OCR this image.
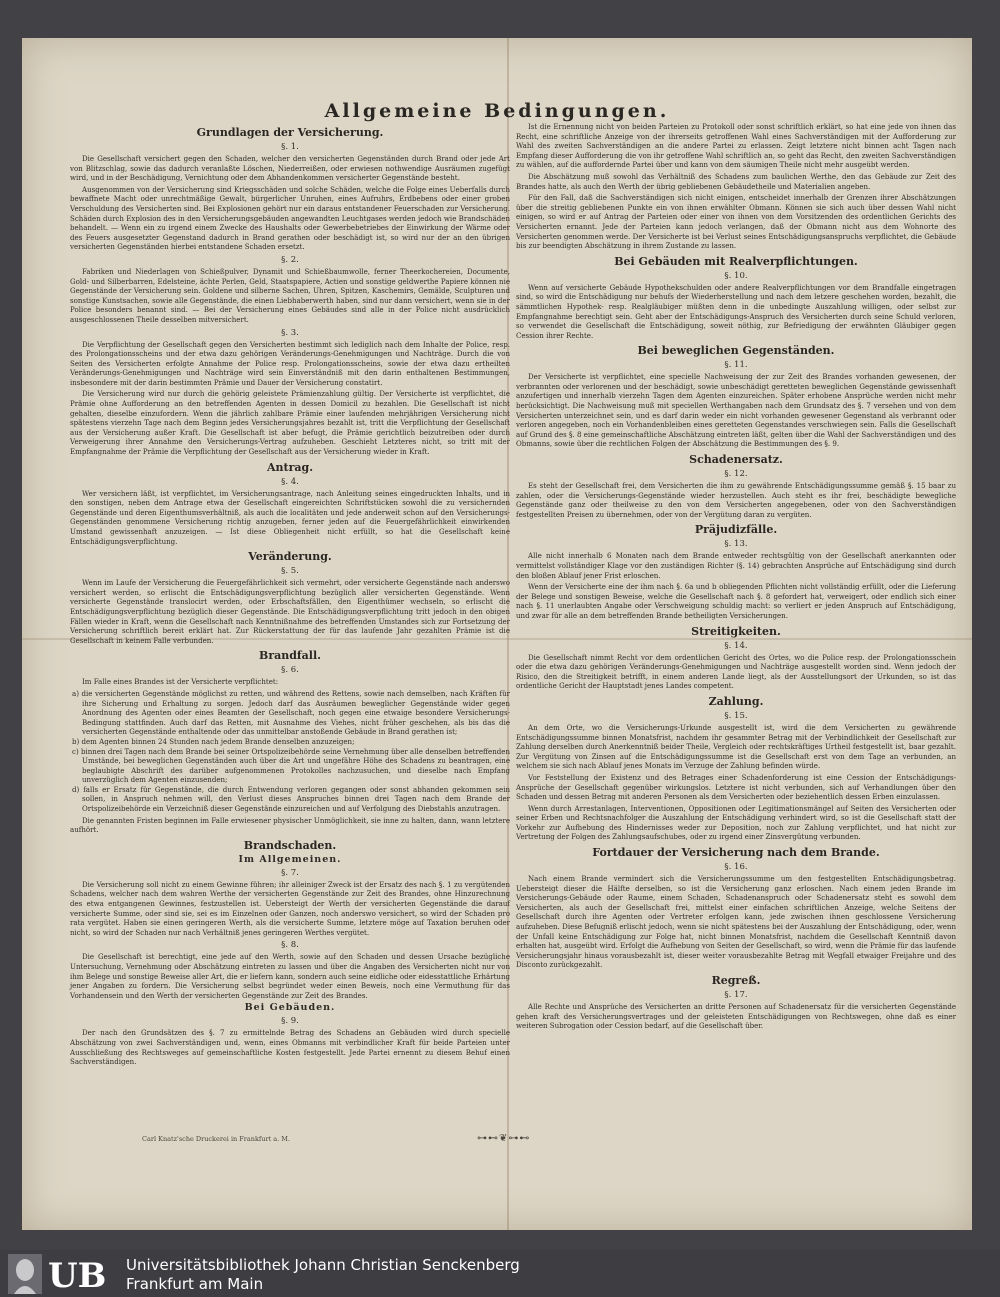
Allgemeine Bedingungen.
Grundlagen der Versicherung.
§. 1.
Die Gesellschaft versichert gegen den Schaden, welcher den versicherten Gegenständen durch Brand oder jede Art von Blitzschlag, sowie das dadurch veranlaßte Löschen, Niederreißen, oder erwiesen nothwendige Ausräumen zugefügt wird, und in der Beschädigung, Vernichtung oder dem Abhandenkommen versicherter Gegenstände besteht.
Ausgenommen von der Versicherung sind Kriegsschäden und solche Schäden, welche die Folge eines Ueberfalls durch bewaffnete Macht oder unrechtmäßige Gewalt, bürgerlicher Unruhen, eines Aufruhrs, Erdbebens oder einer groben Verschuldung des Versicherten sind. Bei Explosionen gehört nur ein daraus entstandener Feuerschaden zur Versicherung. Schäden durch Explosion des in den Versicherungsgebäuden angewandten Leuchtgases werden jedoch wie Brandschäden behandelt. — Wenn ein zu irgend einem Zwecke des Haushalts oder Gewerbebetriebes der Einwirkung der Wärme oder des Feuers ausgesetzter Gegenstand dadurch in Brand gerathen oder beschädigt ist, so wird nur der an den übrigen versicherten Gegenständen hierbei entstandene Schaden ersetzt.
§. 2.
Fabriken und Niederlagen von Schießpulver, Dynamit und Schießbaumwolle, ferner Theerkochereien, Documente, Gold- und Silberbarren, Edelsteine, ächte Perlen, Geld, Staatspapiere, Actien und sonstige geldwerthe Papiere können nie Gegenstände der Versicherung sein. Goldene und silberne Sachen, Uhren, Spitzen, Kaschemirs, Gemälde, Sculpturen und sonstige Kunstsachen, sowie alle Gegenstände, die einen Liebhaberwerth haben, sind nur dann versichert, wenn sie in der Police besonders benannt sind. — Bei der Versicherung eines Gebäudes sind alle in der Police nicht ausdrücklich ausgeschlossenen Theile desselben mitversichert.
§. 3.
Die Verpflichtung der Gesellschaft gegen den Versicherten bestimmt sich lediglich nach dem Inhalte der Police, resp. des Prolongationsscheins und der etwa dazu gehörigen Veränderungs-Genehmigungen und Nachträge. Durch die von Seiten des Versicherten erfolgte Annahme der Police resp. Prolongationsscheins, sowie der etwa dazu ertheilten Veränderungs-Genehmigungen und Nachträge wird sein Einverständniß mit den darin enthaltenen Bestimmungen, insbesondere mit der darin bestimmten Prämie und Dauer der Versicherung constatirt.
Die Versicherung wird nur durch die gehörig geleistete Prämienzahlung gültig. Der Versicherte ist verpflichtet, die Prämie ohne Aufforderung an den betreffenden Agenten in dessen Domicil zu bezahlen. Die Gesellschaft ist nicht gehalten, dieselbe einzufordern. Wenn die jährlich zahlbare Prämie einer laufenden mehrjährigen Versicherung nicht spätestens vierzehn Tage nach dem Beginn jedes Versicherungsjahres bezahlt ist, tritt die Verpflichtung der Gesellschaft aus der Versicherung außer Kraft. Die Gesellschaft ist aber befugt, die Prämie gerichtlich beizutreiben oder durch Verweigerung ihrer Annahme den Versicherungs-Vertrag aufzuheben. Geschieht Letzteres nicht, so tritt mit der Empfangnahme der Prämie die Verpflichtung der Gesellschaft aus der Versicherung wieder in Kraft.
Antrag.
§. 4.
Wer versichern läßt, ist verpflichtet, im Versicherungsantrage, nach Anleitung seines eingedruckten Inhalts, und in den sonstigen, neben dem Antrage etwa der Gesellschaft eingereichten Schriftstücken sowohl die zu versichernden Gegenstände und deren Eigenthumsverhältniß, als auch die localitäten und jede anderweit schon auf den Versicherungs-Gegenständen genommene Versicherung richtig anzugeben, ferner jeden auf die Feuergefährlichkeit einwirkenden Umstand gewissenhaft anzuzeigen. — Ist diese Obliegenheit nicht erfüllt, so hat die Gesellschaft keine Entschädigungsverpflichtung.
Veränderung.
§. 5.
Wenn im Laufe der Versicherung die Feuergefährlichkeit sich vermehrt, oder versicherte Gegenstände nach anderswo versichert werden, so erlischt die Entschädigungsverpflichtung bezüglich aller versicherten Gegenstände. Wenn versicherte Gegenstände translocirt werden, oder Erbschaftsfällen, den Eigenthümer wechseln, so erlischt die Entschädigungsverpflichtung bezüglich dieser Gegenstände. Die Entschädigungsverpflichtung tritt jedoch in den obigen Fällen wieder in Kraft, wenn die Gesellschaft nach Kenntnißnahme des betreffenden Umstandes sich zur Fortsetzung der Versicherung schriftlich bereit erklärt hat. Zur Rückerstattung der für das laufende Jahr gezahlten Prämie ist die Gesellschaft in keinem Falle verbunden.
Brandfall.
§. 6.
Im Falle eines Brandes ist der Versicherte verpflichtet:
a) die versicherten Gegenstände möglichst zu retten, und während des Rettens, sowie nach demselben, nach Kräften für ihre Sicherung und Erhaltung zu sorgen. Jedoch darf das Ausräumen beweglicher Gegenstände wider gegen Anordnung des Agenten oder eines Beamten der Gesellschaft, noch gegen eine etwaige besondere Versicherungs-Bedingung stattfinden. Auch darf das Retten, mit Ausnahme des Viehes, nicht früher geschehen, als bis das die versicherten Gegenstände enthaltende oder das unmittelbar anstoßende Gebäude in Brand gerathen ist;
b) dem Agenten binnen 24 Stunden nach jedem Brande denselben anzuzeigen;
c) binnen drei Tagen nach dem Brande bei seiner Ortspolizeibehörde seine Vernehmung über alle denselben betreffenden Umstände, bei beweglichen Gegenständen auch über die Art und ungefähre Höhe des Schadens zu beantragen, eine beglaubigte Abschrift des darüber aufgenommenen Protokolles nachzusuchen, und dieselbe nach Empfang unverzüglich dem Agenten einzusenden;
d) falls er Ersatz für Gegenstände, die durch Entwendung verloren gegangen oder sonst abhanden gekommen sein sollen, in Anspruch nehmen will, den Verlust dieses Anspruches binnen drei Tagen nach dem Brande der Ortspolizeibehörde ein Verzeichniß dieser Gegenstände einzureichen und auf Verfolgung des Diebstahls anzutragen.
Die genannten Fristen beginnen im Falle erwiesener physischer Unmöglichkeit, sie inne zu halten, dann, wann letztere aufhört.
Brandschaden.
Im Allgemeinen.
§. 7.
Die Versicherung soll nicht zu einem Gewinne führen; ihr alleiniger Zweck ist der Ersatz des nach §. 1 zu vergütenden Schadens, welcher nach dem wahren Werthe der versicherten Gegenstände zur Zeit des Brandes, ohne Hinzurechnung des etwa entgangenen Gewinnes, festzustellen ist. Uebersteigt der Werth der versicherten Gegenstände die darauf versicherte Summe, oder sind sie, sei es im Einzelnen oder Ganzen, noch anderswo versichert, so wird der Schaden pro rata vergütet. Haben sie einen geringeren Werth, als die versicherte Summe, letztere möge auf Taxation beruhen oder nicht, so wird der Schaden nur nach Verhältniß jenes geringeren Werthes vergütet.
§. 8.
Die Gesellschaft ist berechtigt, eine jede auf den Werth, sowie auf den Schaden und dessen Ursache bezügliche Untersuchung, Vernehmung oder Abschätzung eintreten zu lassen und über die Angaben des Versicherten nicht nur von ihm Belege und sonstige Beweise aller Art, die er liefern kann, sondern auch seine eidliche oder eidesstattliche Erhärtung jener Angaben zu fordern. Die Versicherung selbst begründet weder einen Beweis, noch eine Vermuthung für das Vorhandensein und den Werth der versicherten Gegenstände zur Zeit des Brandes.
Bei Gebäuden.
§. 9.
Der nach den Grundsätzen des §. 7 zu ermittelnde Betrag des Schadens an Gebäuden wird durch specielle Abschätzung von zwei Sachverständigen und, wenn, eines Obmanns mit verbindlicher Kraft für beide Parteien unter Ausschließung des Rechtsweges auf gemeinschaftliche Kosten festgestellt. Jede Partei ernennt zu diesem Behuf einen Sachverständigen.
Ist die Ernennung nicht von beiden Parteien zu Protokoll oder sonst schriftlich erklärt, so hat eine jede von ihnen das Recht, eine schriftliche Anzeige von der ihrerseits getroffenen Wahl eines Sachverständigen mit der Aufforderung zur Wahl des zweiten Sachverständigen an die andere Partei zu erlassen. Zeigt letztere nicht binnen acht Tagen nach Empfang dieser Aufforderung die von ihr getroffene Wahl schriftlich an, so geht das Recht, den zweiten Sachverständigen zu wählen, auf die auffordernde Partei über und kann von dem säumigen Theile nicht mehr ausgeübt werden.
Die Abschätzung muß sowohl das Verhältniß des Schadens zum baulichen Werthe, den das Gebäude zur Zeit des Brandes hatte, als auch den Werth der übrig gebliebenen Gebäudetheile und Materialien angeben.
Für den Fall, daß die Sachverständigen sich nicht einigen, entscheidet innerhalb der Grenzen ihrer Abschätzungen über die streitig gebliebenen Punkte ein von ihnen erwählter Obmann. Können sie sich auch über dessen Wahl nicht einigen, so wird er auf Antrag der Parteien oder einer von ihnen von dem Vorsitzenden des ordentlichen Gerichts des Versicherten ernannt. Jede der Parteien kann jedoch verlangen, daß der Obmann nicht aus dem Wohnorte des Versicherten genommen werde. Der Versicherte ist bei Verlust seines Entschädigungsanspruchs verpflichtet, die Gebäude bis zur beendigten Abschätzung in ihrem Zustande zu lassen.
Bei Gebäuden mit Realverpflichtungen.
§. 10.
Wenn auf versicherte Gebäude Hypothekschulden oder andere Realverpflichtungen vor dem Brandfalle eingetragen sind, so wird die Entschädigung nur behufs der Wiederherstellung und nach dem letzere geschehen worden, bezahlt, die sämmtlichen Hypothek- resp. Realgläubiger müßten denn in die unbedingte Auszahlung willigen, oder selbst zur Empfangnahme berechtigt sein. Geht aber der Entschädigungs-Anspruch des Versicherten durch seine Schuld verloren, so verwendet die Gesellschaft die Entschädigung, soweit nöthig, zur Befriedigung der erwähnten Gläubiger gegen Cession ihrer Rechte.
Bei beweglichen Gegenständen.
§. 11.
Der Versicherte ist verpflichtet, eine specielle Nachweisung der zur Zeit des Brandes vorhanden gewesenen, der verbrannten oder verlorenen und der beschädigt, sowie unbeschädigt geretteten beweglichen Gegenstände gewissenhaft anzufertigen und innerhalb vierzehn Tagen dem Agenten einzureichen. Später erhobene Ansprüche werden nicht mehr berücksichtigt. Die Nachweisung muß mit speciellen Werthangaben nach dem Grundsatz des §. 7 versehen und von dem Versicherten unterzeichnet sein, und es darf darin weder ein nicht vorhanden gewesener Gegenstand als verbrannt oder verloren angegeben, noch ein Vorhandenbleiben eines geretteten Gegenstandes verschwiegen sein. Falls die Gesellschaft auf Grund des §. 8 eine gemeinschaftliche Abschätzung eintreten läßt, gelten über die Wahl der Sachverständigen und des Obmanns, sowie über die rechtlichen Folgen der Abschätzung die Bestimmungen des §. 9.
Schadenersatz.
§. 12.
Es steht der Gesellschaft frei, dem Versicherten die ihm zu gewährende Entschädigungssumme gemäß §. 15 baar zu zahlen, oder die Versicherungs-Gegenstände wieder herzustellen. Auch steht es ihr frei, beschädigte bewegliche Gegenstände ganz oder theilweise zu den von dem Versicherten angegebenen, oder von den Sachverständigen festgestellten Preisen zu übernehmen, oder von der Vergütung daran zu vergüten.
Präjudizfälle.
§. 13.
Alle nicht innerhalb 6 Monaten nach dem Brande entweder rechtsgültig von der Gesellschaft anerkannten oder vermittelst vollständiger Klage vor den zuständigen Richter (§. 14) gebrachten Ansprüche auf Entschädigung sind durch den bloßen Ablauf jener Frist erloschen.
Wenn der Versicherte eine der ihm nach §. 6a und b obliegenden Pflichten nicht vollständig erfüllt, oder die Lieferung der Belege und sonstigen Beweise, welche die Gesellschaft nach §. 8 gefordert hat, verweigert, oder endlich sich einer nach §. 11 unerlaubten Angabe oder Verschweigung schuldig macht: so verliert er jeden Anspruch auf Entschädigung, und zwar für alle an dem betreffenden Brande betheiligten Versicherungen.
Streitigkeiten.
§. 14.
Die Gesellschaft nimmt Recht vor dem ordentlichen Gericht des Ortes, wo die Police resp. der Prolongationsschein oder die etwa dazu gehörigen Veränderungs-Genehmigungen und Nachträge ausgestellt worden sind. Wenn jedoch der Risico, den die Streitigkeit betrifft, in einem anderen Lande liegt, als der Ausstellungsort der Urkunden, so ist das ordentliche Gericht der Hauptstadt jenes Landes competent.
Zahlung.
§. 15.
An dem Orte, wo die Versicherungs-Urkunde ausgestellt ist, wird die dem Versicherten zu gewährende Entschädigungssumme binnen Monatsfrist, nachdem ihr gesammter Betrag mit der Verbindlichkeit der Gesellschaft zur Zahlung derselben durch Anerkenntniß beider Theile, Vergleich oder rechtskräftiges Urtheil festgestellt ist, baar gezahlt. Zur Vergütung von Zinsen auf die Entschädigungssumme ist die Gesellschaft erst von dem Tage an verbunden, an welchem sie sich nach Ablauf jenes Monats im Verzuge der Zahlung befinden würde.
Vor Feststellung der Existenz und des Betrages einer Schadenforderung ist eine Cession der Entschädigungs-Ansprüche der Gesellschaft gegenüber wirkungslos. Letztere ist nicht verbunden, sich auf Verhandlungen über den Schaden und dessen Betrag mit anderen Personen als dem Versicherten oder beziehentlich dessen Erben einzulassen.
Wenn durch Arrestanlagen, Interventionen, Oppositionen oder Legitimationsmängel auf Seiten des Versicherten oder seiner Erben und Rechtsnachfolger die Auszahlung der Entschädigung verhindert wird, so ist die Gesellschaft statt der Vorkehr zur Aufhebung des Hindernisses weder zur Deposition, noch zur Zahlung verpflichtet, und hat nicht zur Vertretung der Folgen des Zahlungsaufschubes, oder zu irgend einer Zinsvergütung verbunden.
Fortdauer der Versicherung nach dem Brande.
§. 16.
Nach einem Brande vermindert sich die Versicherungssumme um den festgestellten Entschädigungsbetrag. Uebersteigt dieser die Hälfte derselben, so ist die Versicherung ganz erloschen. Nach einem jeden Brande im Versicherungs-Gebäude oder Raume, einem Schaden, Schadenanspruch oder Schadenersatz steht es sowohl dem Versicherten, als auch der Gesellschaft frei, mittelst einer einfachen schriftlichen Anzeige, welche Seitens der Gesellschaft durch ihre Agenten oder Vertreter erfolgen kann, jede zwischen ihnen geschlossene Versicherung aufzuheben. Diese Befugniß erlischt jedoch, wenn sie nicht spätestens bei der Auszahlung der Entschädigung, oder, wenn der Unfall keine Entschädigung zur Folge hat, nicht binnen Monatsfrist, nachdem die Gesellschaft Kenntniß davon erhalten hat, ausgeübt wird. Erfolgt die Aufhebung von Seiten der Gesellschaft, so wird, wenn die Prämie für das laufende Versicherungsjahr hinaus vorausbezahlt ist, dieser weiter vorausbezahlte Betrag mit Wegfall etwaiger Freijahre und des Disconto zurückgezahlt.
Regreß.
§. 17.
Alle Rechte und Ansprüche des Versicherten an dritte Personen auf Schadenersatz für die versicherten Gegenstände gehen kraft des Versicherungsvertrages und der geleisteten Entschädigungen von Rechtswegen, ohne daß es einer weiteren Subrogation oder Cession bedarf, auf die Gesellschaft über.
Carl Knatz'sche Druckerei in Frankfurt a. M.	⊶⊷❦⊶⊷
UB Universitätsbibliothek Johann Christian Senckenberg
Frankfurt am Main
